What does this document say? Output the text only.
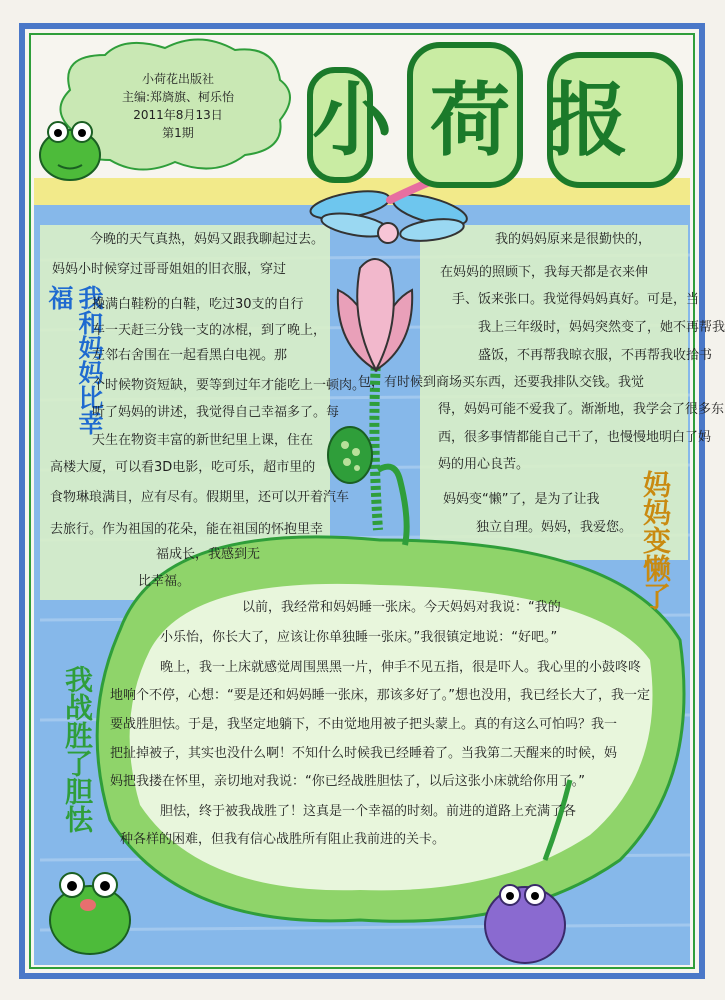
小荷花出版社
主编:郑旖旗、柯乐怡
2011年8月13日
第1期	小荷报
我和妈妈比幸福
今晚的天气真热，妈妈又跟我聊起过去。
妈妈小时候穿过哥哥姐姐的旧衣服，穿过
操满白鞋粉的白鞋，吃过30支的自行
车一天赶三分钱一支的冰棍，到了晚上，
左邻右舍围在一起看黑白电视。那
个时候物资短缺，要等到过年才能吃上一顿肉。
听了妈妈的讲述，我觉得自己幸福多了。每
天生在物资丰富的新世纪里上课，住在
高楼大厦，可以看3D电影，吃可乐，超市里的
食物琳琅满目，应有尽有。假期里，还可以开着汽车
去旅行。作为祖国的花朵，能在祖国的怀抱里幸
福成长，我感到无
比幸福。
我的妈妈原来是很勤快的，
在妈妈的照顾下，我每天都是衣来伸
手、饭来张口。我觉得妈妈真好。可是，当
我上三年级时，妈妈突然变了，她不再帮我
盛饭，不再帮我晾衣服，不再帮我收拾书
包，有时候到商场买东西，还要我排队交钱。我觉
得，妈妈可能不爱我了。渐渐地，我学会了很多东
西，很多事情都能自己干了，也慢慢地明白了妈
妈的用心良苦。
妈妈变“懒”了，是为了让我
独立自理。妈妈，我爱您。 妈妈变懒了
我战胜了胆怯
以前，我经常和妈妈睡一张床。今天妈妈对我说：“我的
小乐怡，你长大了，应该让你单独睡一张床。”我很镇定地说：“好吧。”
晚上，我一上床就感觉周围黑黑一片，伸手不见五指，很是吓人。我心里的小鼓咚咚
地响个不停，心想：“要是还和妈妈睡一张床，那该多好了。”想也没用，我已经长大了，我一定
要战胜胆怯。于是，我坚定地躺下，不由觉地用被子把头蒙上。真的有这么可怕吗？我一
把扯掉被子，其实也没什么啊！不知什么时候我已经睡着了。当我第二天醒来的时候，妈
妈把我搂在怀里，亲切地对我说：“你已经战胜胆怯了，以后这张小床就给你用了。”
胆怯，终于被我战胜了！这真是一个幸福的时刻。前进的道路上充满了各
种各样的困难，但我有信心战胜所有阻止我前进的关卡。
